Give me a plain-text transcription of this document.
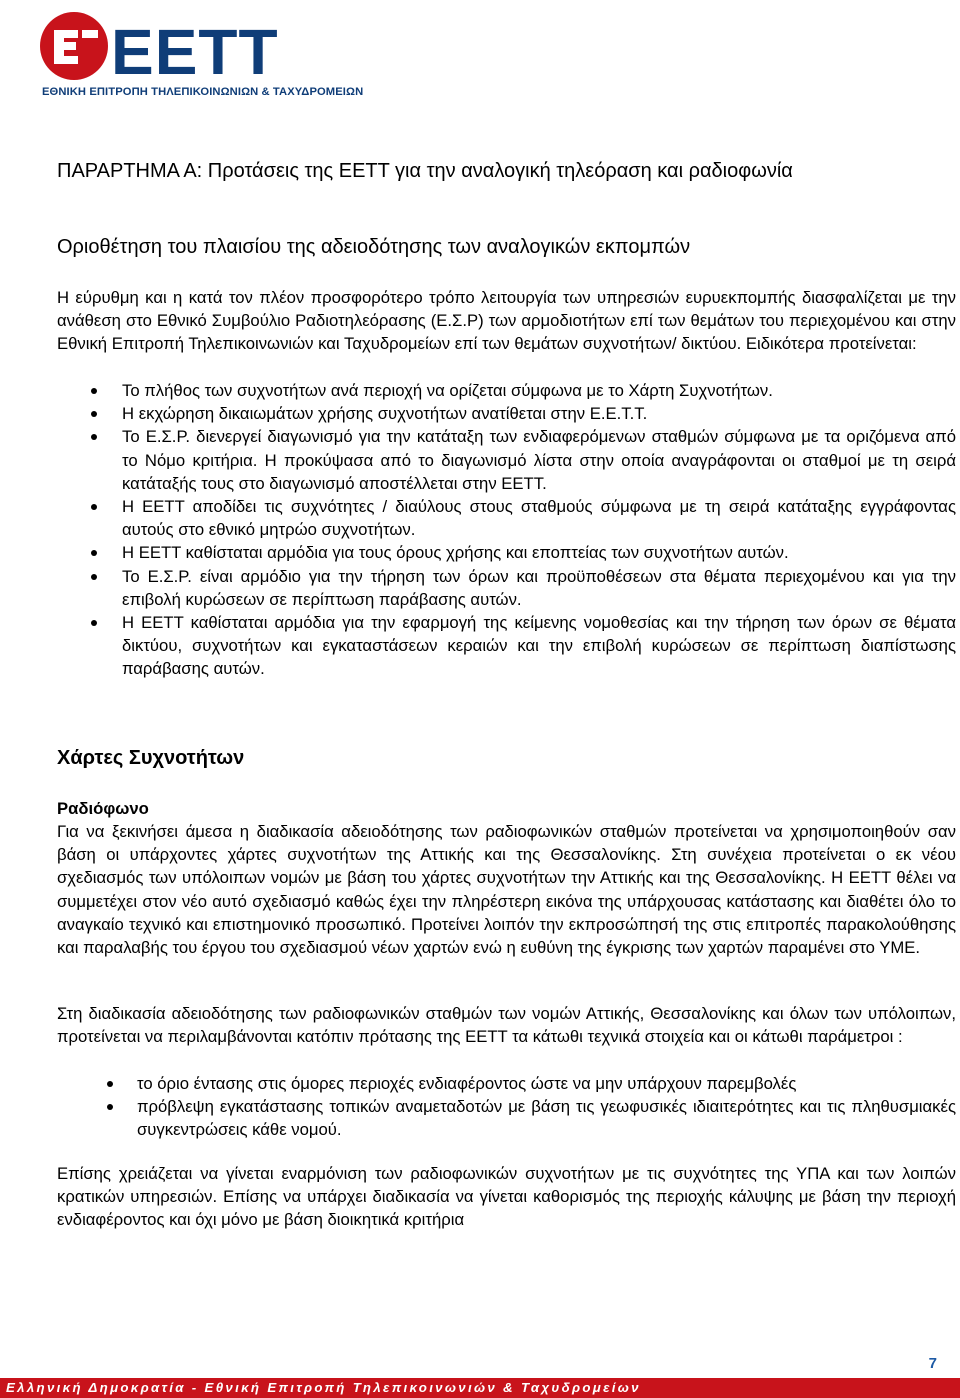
EETT
ΕΘΝΙΚΗ ΕΠΙΤΡΟΠΗ ΤΗΛΕΠΙΚΟΙΝΩΝΙΩΝ & ΤΑΧΥΔΡΟΜΕΙΩΝ
ΠΑΡΑΡΤΗΜΑ Α: Προτάσεις της ΕΕΤΤ για την αναλογική τηλεόραση και ραδιοφωνία
Οριοθέτηση του πλαισίου της αδειοδότησης των αναλογικών εκπομπών
Η εύρυθμη και η κατά τον πλέον προσφορότερο τρόπο λειτουργία των υπηρεσιών ευρυεκπομπής διασφαλίζεται με την ανάθεση στο Εθνικό Συμβούλιο Ραδιοτηλεόρασης (Ε.Σ.Ρ) των αρμοδιοτήτων επί των θεμάτων του περιεχομένου και στην Εθνική Επιτροπή Τηλεπικοινωνιών και Ταχυδρομείων επί των θεμάτων συχνοτήτων/ δικτύου. Ειδικότερα προτείνεται:
Το πλήθος των συχνοτήτων ανά περιοχή να ορίζεται σύμφωνα με το Χάρτη Συχνοτήτων.
Η εκχώρηση δικαιωμάτων χρήσης συχνοτήτων ανατίθεται στην Ε.Ε.Τ.Τ.
Το Ε.Σ.Ρ. διενεργεί διαγωνισμό για την κατάταξη των ενδιαφερόμενων σταθμών σύμφωνα με τα οριζόμενα από το Νόμο κριτήρια. Η προκύψασα από το διαγωνισμό λίστα στην οποία αναγράφονται οι σταθμοί με τη σειρά κατάταξής τους στο διαγωνισμό αποστέλλεται στην ΕΕΤΤ.
Η ΕΕΤΤ αποδίδει τις συχνότητες / διαύλους στους σταθμούς σύμφωνα με τη σειρά κατάταξης εγγράφοντας αυτούς στο εθνικό μητρώο συχνοτήτων.
Η ΕΕΤΤ καθίσταται αρμόδια για τους όρους χρήσης και εποπτείας των συχνοτήτων αυτών.
Το Ε.Σ.Ρ. είναι αρμόδιο για την τήρηση των όρων και προϋποθέσεων στα θέματα περιεχομένου και για την επιβολή κυρώσεων σε περίπτωση παράβασης αυτών.
Η ΕΕΤΤ καθίσταται αρμόδια για την εφαρμογή της κείμενης νομοθεσίας και την τήρηση των όρων σε θέματα δικτύου, συχνοτήτων και εγκαταστάσεων κεραιών και την επιβολή κυρώσεων σε περίπτωση διαπίστωσης παράβασης αυτών.
Χάρτες Συχνοτήτων
Ραδιόφωνο
Για να ξεκινήσει άμεσα η διαδικασία αδειοδότησης των ραδιοφωνικών σταθμών προτείνεται να χρησιμοποιηθούν σαν βάση οι υπάρχοντες χάρτες συχνοτήτων της Αττικής και της Θεσσαλονίκης. Στη συνέχεια προτείνεται ο εκ νέου σχεδιασμός των υπόλοιπων νομών με βάση του χάρτες συχνοτήτων την Αττικής και της Θεσσαλονίκης. Η ΕΕΤΤ θέλει να συμμετέχει στον νέο αυτό σχεδιασμό καθώς έχει την πληρέστερη εικόνα της υπάρχουσας κατάστασης και διαθέτει όλο το αναγκαίο τεχνικό και επιστημονικό προσωπικό. Προτείνει λοιπόν την εκπροσώπησή της στις επιτροπές παρακολούθησης και παραλαβής του έργου του σχεδιασμού νέων χαρτών ενώ η ευθύνη της έγκρισης των χαρτών παραμένει στο ΥΜΕ.
Στη διαδικασία αδειοδότησης των ραδιοφωνικών σταθμών των νομών Αττικής, Θεσσαλονίκης και όλων των υπόλοιπων, προτείνεται να περιλαμβάνονται κατόπιν πρότασης της ΕΕΤΤ τα κάτωθι τεχνικά στοιχεία και οι κάτωθι παράμετροι :
το όριο έντασης στις όμορες περιοχές ενδιαφέροντος ώστε να μην υπάρχουν παρεμβολές
πρόβλεψη εγκατάστασης τοπικών αναμεταδοτών με βάση τις γεωφυσικές ιδιαιτερότητες και τις πληθυσμιακές συγκεντρώσεις κάθε νομού.
Επίσης χρειάζεται να γίνεται εναρμόνιση των ραδιοφωνικών συχνοτήτων με τις συχνότητες της ΥΠΑ και των λοιπών κρατικών υπηρεσιών. Επίσης να υπάρχει διαδικασία να γίνεται καθορισμός της περιοχής κάλυψης με βάση την περιοχή ενδιαφέροντος και όχι μόνο με βάση διοικητικά κριτήρια
7
Ελληνική Δημοκρατία - Εθνική Επιτροπή Τηλεπικοινωνιών & Ταχυδρομείων
